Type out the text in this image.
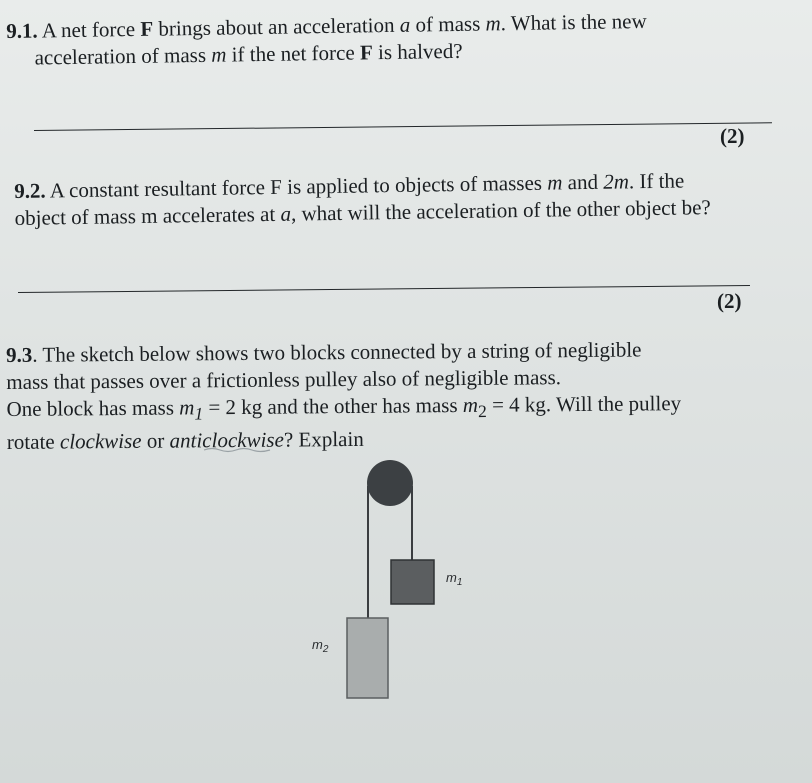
9.1. A net force F brings about an acceleration a of mass m. What is the new
acceleration of mass m if the net force F is halved?
(2)
9.2. A constant resultant force F is applied to objects of masses m and 2m. If the
object of mass m accelerates at a, what will the acceleration of the other object be?
(2)
9.3. The sketch below shows two blocks connected by a string of negligible
mass that passes over a frictionless pulley also of negligible mass.
One block has mass $m_1 = 2$ kg and the other has mass $m_2 = 4$ kg. Will the pulley
rotate clockwise or anticlockwise? Explain
$m_1$
$m_2$
